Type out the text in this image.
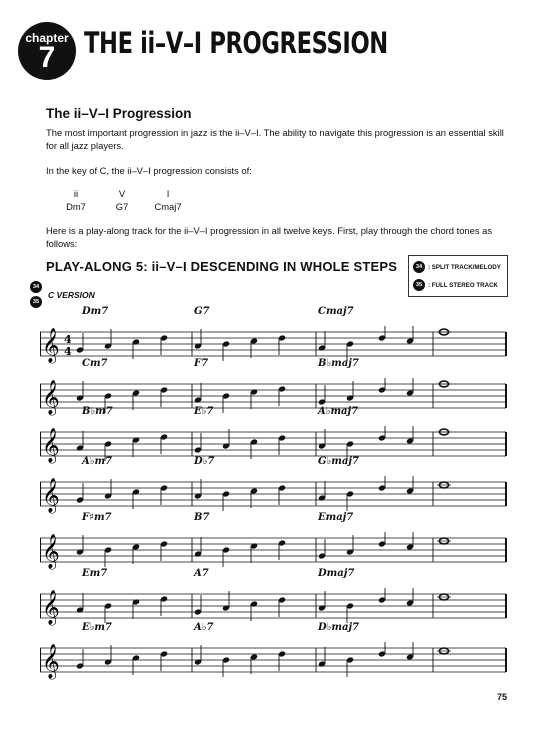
chapter
7 THE ii–V–I PROGRESSION
The ii–V–I Progression
The most important progression in jazz is the ii–V–I. The ability to navigate this progression is an essential skill for all jazz players.
In the key of C, the ii–V–I progression consists of:
ii	V	I
Dm7	G7	Cmaj7
Here is a play-along track for the ii–V–I progression in all twelve keys. First, play through the chord tones as follows:
PLAY-ALONG 5: ii–V–I DESCENDING IN WHOLE STEPS	34 : SPLIT TRACK/MELODY
35 : FULL STEREO TRACK
34
35
C VERSION
Dm7	G7	Cmaj7
𝄞 4
4
Cm7	F7	B♭maj7
𝄞 B♭m7	E♭7	A♭maj7
𝄞 A♭m7	D♭7	G♭maj7
𝄞
F♯m7	B7	Emaj7
𝄞
Em7	A7	Dmaj7
𝄞
E♭m7	A♭7	D♭maj7
𝄞
75
